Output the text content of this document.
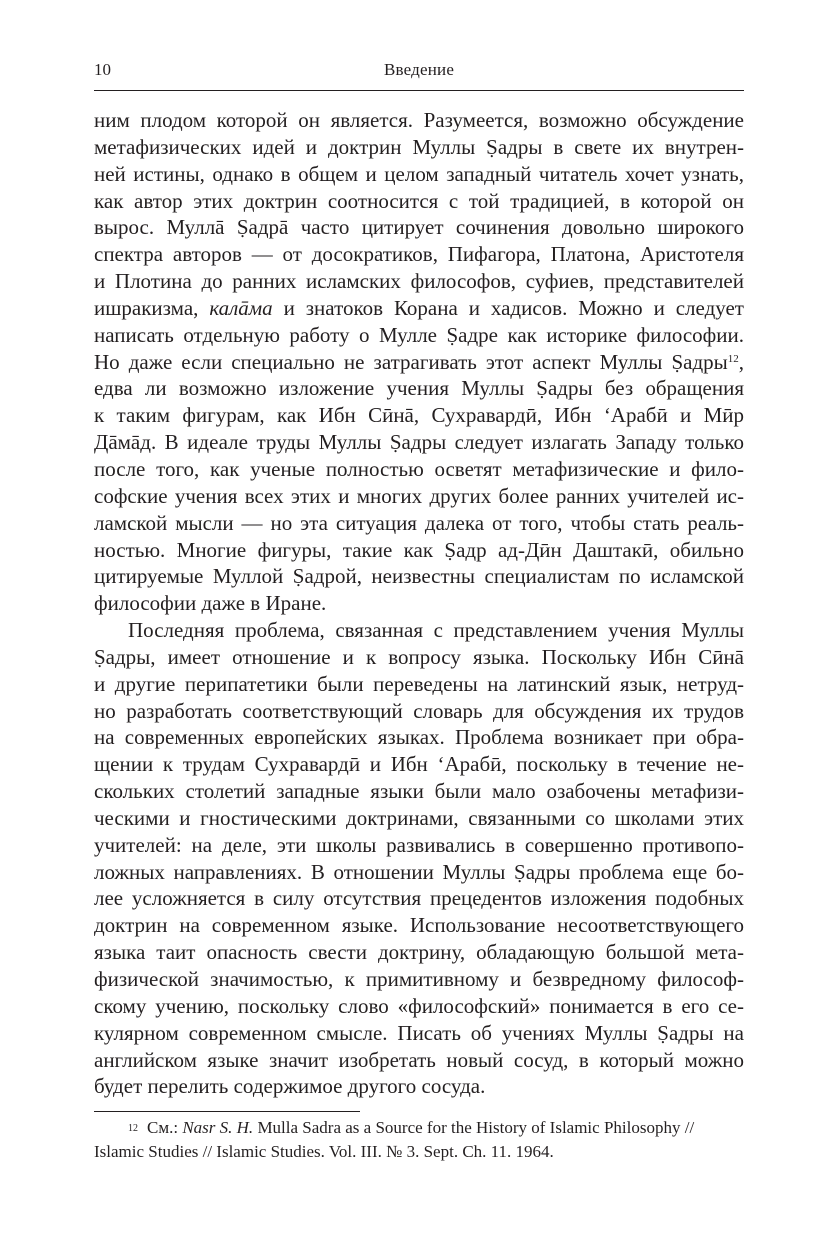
10	Введение
ним плодом которой он является. Разумеется, возможно обсуждение
метафизических идей и доктрин Муллы Ṣадры в свете их внутрен-
ней истины, однако в общем и целом западный читатель хочет узнать,
как автор этих доктрин соотносится с той традицией, в которой он
вырос. Муллā Ṣадрā часто цитирует сочинения довольно широкого
спектра авторов — от досократиков, Пифагора, Платона, Аристотеля
и Плотина до ранних исламских философов, суфиев, представителей
ишракизма, калāма и знатоков Корана и хадисов. Можно и следует
написать отдельную работу о Мулле Ṣадре как историке философии.
Но даже если специально не затрагивать этот аспект Муллы Ṣадры$^{12}$,
едва ли возможно изложение учения Муллы Ṣадры без обращения
к таким фигурам, как Ибн Сӣнā, Сухравардӣ, Ибн ‘Арабӣ и Мӣр
Дāмāд. В идеале труды Муллы Ṣадры следует излагать Западу только
после того, как ученые полностью осветят метафизические и фило-
софские учения всех этих и многих других более ранних учителей ис-
ламской мысли — но эта ситуация далека от того, чтобы стать реаль-
ностью. Многие фигуры, такие как Ṣадр ад-Дӣн Даштакӣ, обильно
цитируемые Муллой Ṣадрой, неизвестны специалистам по исламской
философии даже в Иране.
Последняя проблема, связанная с представлением учения Муллы
Ṣадры, имеет отношение и к вопросу языка. Поскольку Ибн Сӣнā
и другие перипатетики были переведены на латинский язык, нетруд-
но разработать соответствующий словарь для обсуждения их трудов
на современных европейских языках. Проблема возникает при обра-
щении к трудам Сухравардӣ и Ибн ‘Арабӣ, поскольку в течение не-
скольких столетий западные языки были мало озабочены метафизи-
ческими и гностическими доктринами, связанными со школами этих
учителей: на деле, эти школы развивались в совершенно противопо-
ложных направлениях. В отношении Муллы Ṣадры проблема еще бо-
лее усложняется в силу отсутствия прецедентов изложения подобных
доктрин на современном языке. Использование несоответствующего
языка таит опасность свести доктрину, обладающую большой мета-
физической значимостью, к примитивному и безвредному философ-
скому учению, поскольку слово «философский» понимается в его се-
кулярном современном смысле. Писать об учениях Муллы Ṣадры на
английском языке значит изобретать новый сосуд, в который можно
будет перелить содержимое другого сосуда.
$^{12}$ См.: Nasr S. H. Mulla Sadra as a Source for the History of Islamic Philosophy //
Islamic Studies // Islamic Studies. Vol. III. № 3. Sept. Ch. 11. 1964.
